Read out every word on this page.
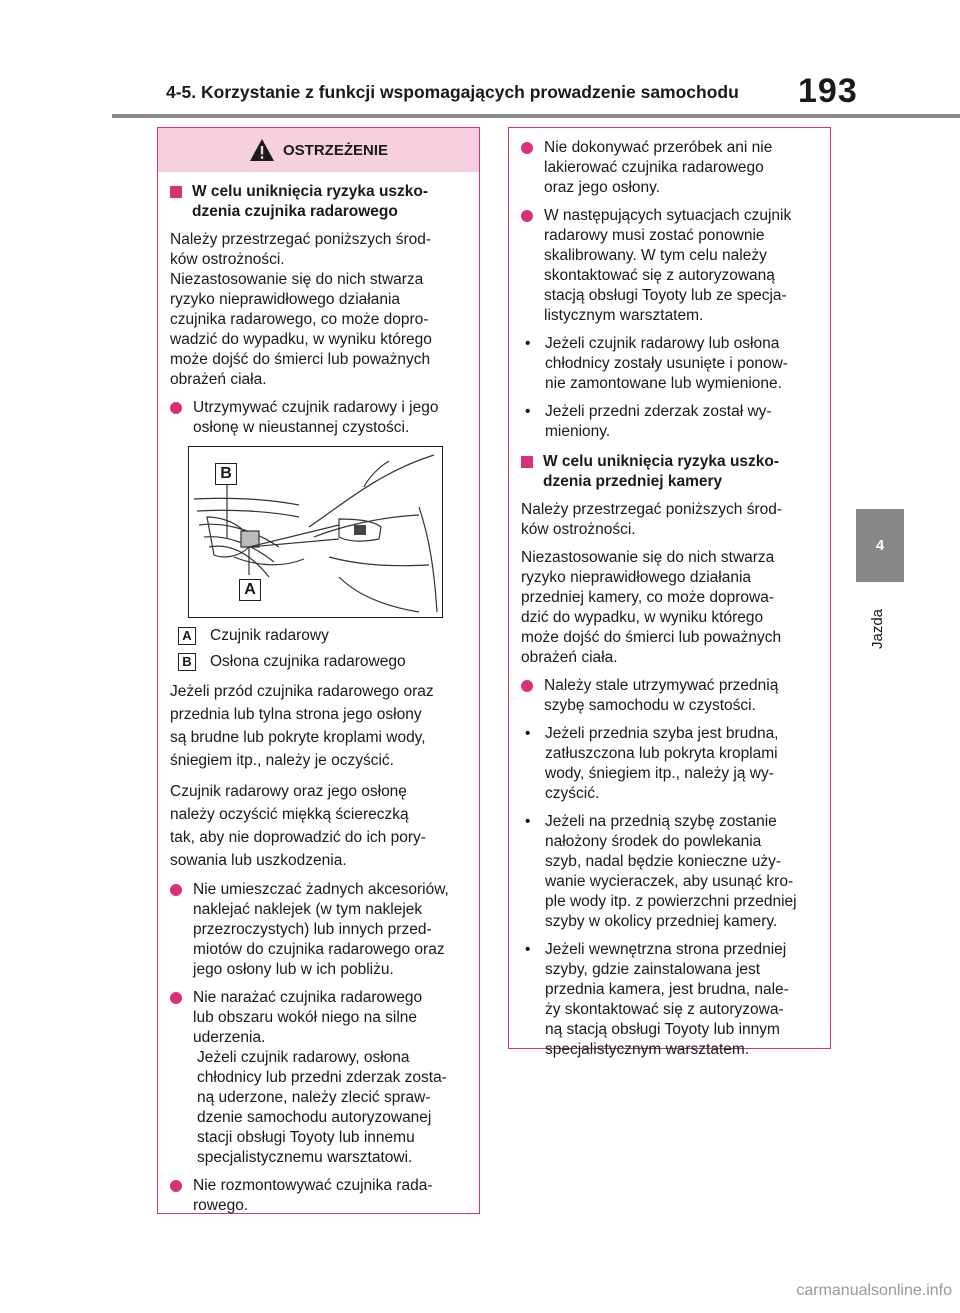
4-5. Korzystanie z funkcji wspomagających prowadzenie samochodu 193
4
Jazda
OSTRZEŻENIE
W celu uniknięcia ryzyka uszko-
dzenia czujnika radarowego
Należy przestrzegać poniższych środ-
ków ostrożności.
Niezastosowanie się do nich stwarza
ryzyko nieprawidłowego działania
czujnika radarowego, co może dopro-
wadzić do wypadku, w wyniku którego
może dojść do śmierci lub poważnych
obrażeń ciała.
Utrzymywać czujnik radarowy i jego
osłonę w nieustannej czystości.
B
A
A Czujnik radarowy
B Osłona czujnika radarowego
Jeżeli przód czujnika radarowego oraz
przednia lub tylna strona jego osłony
są brudne lub pokryte kroplami wody,
śniegiem itp., należy je oczyścić.
Czujnik radarowy oraz jego osłonę
należy oczyścić miękką ściereczką
tak, aby nie doprowadzić do ich pory-
sowania lub uszkodzenia.
Nie umieszczać żadnych akcesoriów,
naklejać naklejek (w tym naklejek
przezroczystych) lub innych przed-
miotów do czujnika radarowego oraz
jego osłony lub w ich pobliżu.
Nie narażać czujnika radarowego
lub obszaru wokół niego na silne
uderzenia.
Jeżeli czujnik radarowy, osłona
chłodnicy lub przedni zderzak zosta-
ną uderzone, należy zlecić spraw-
dzenie samochodu autoryzowanej
stacji obsługi Toyoty lub innemu
specjalistycznemu warsztatowi.
Nie rozmontowywać czujnika rada-
rowego.
Nie dokonywać przeróbek ani nie
lakierować czujnika radarowego
oraz jego osłony.
W następujących sytuacjach czujnik
radarowy musi zostać ponownie
skalibrowany. W tym celu należy
skontaktować się z autoryzowaną
stacją obsługi Toyoty lub ze specja-
listycznym warsztatem.
• Jeżeli czujnik radarowy lub osłona
chłodnicy zostały usunięte i ponow-
nie zamontowane lub wymienione.
• Jeżeli przedni zderzak został wy-
mieniony.
W celu uniknięcia ryzyka uszko-
dzenia przedniej kamery
Należy przestrzegać poniższych środ-
ków ostrożności.
Niezastosowanie się do nich stwarza
ryzyko nieprawidłowego działania
przedniej kamery, co może doprowa-
dzić do wypadku, w wyniku którego
może dojść do śmierci lub poważnych
obrażeń ciała.
Należy stale utrzymywać przednią
szybę samochodu w czystości.
• Jeżeli przednia szyba jest brudna,
zatłuszczona lub pokryta kroplami
wody, śniegiem itp., należy ją wy-
czyścić.
• Jeżeli na przednią szybę zostanie
nałożony środek do powlekania
szyb, nadal będzie konieczne uży-
wanie wycieraczek, aby usunąć kro-
ple wody itp. z powierzchni przedniej
szyby w okolicy przedniej kamery.
• Jeżeli wewnętrzna strona przedniej
szyby, gdzie zainstalowana jest
przednia kamera, jest brudna, nale-
ży skontaktować się z autoryzowa-
ną stacją obsługi Toyoty lub innym
specjalistycznym warsztatem.
carmanualsonline.info
